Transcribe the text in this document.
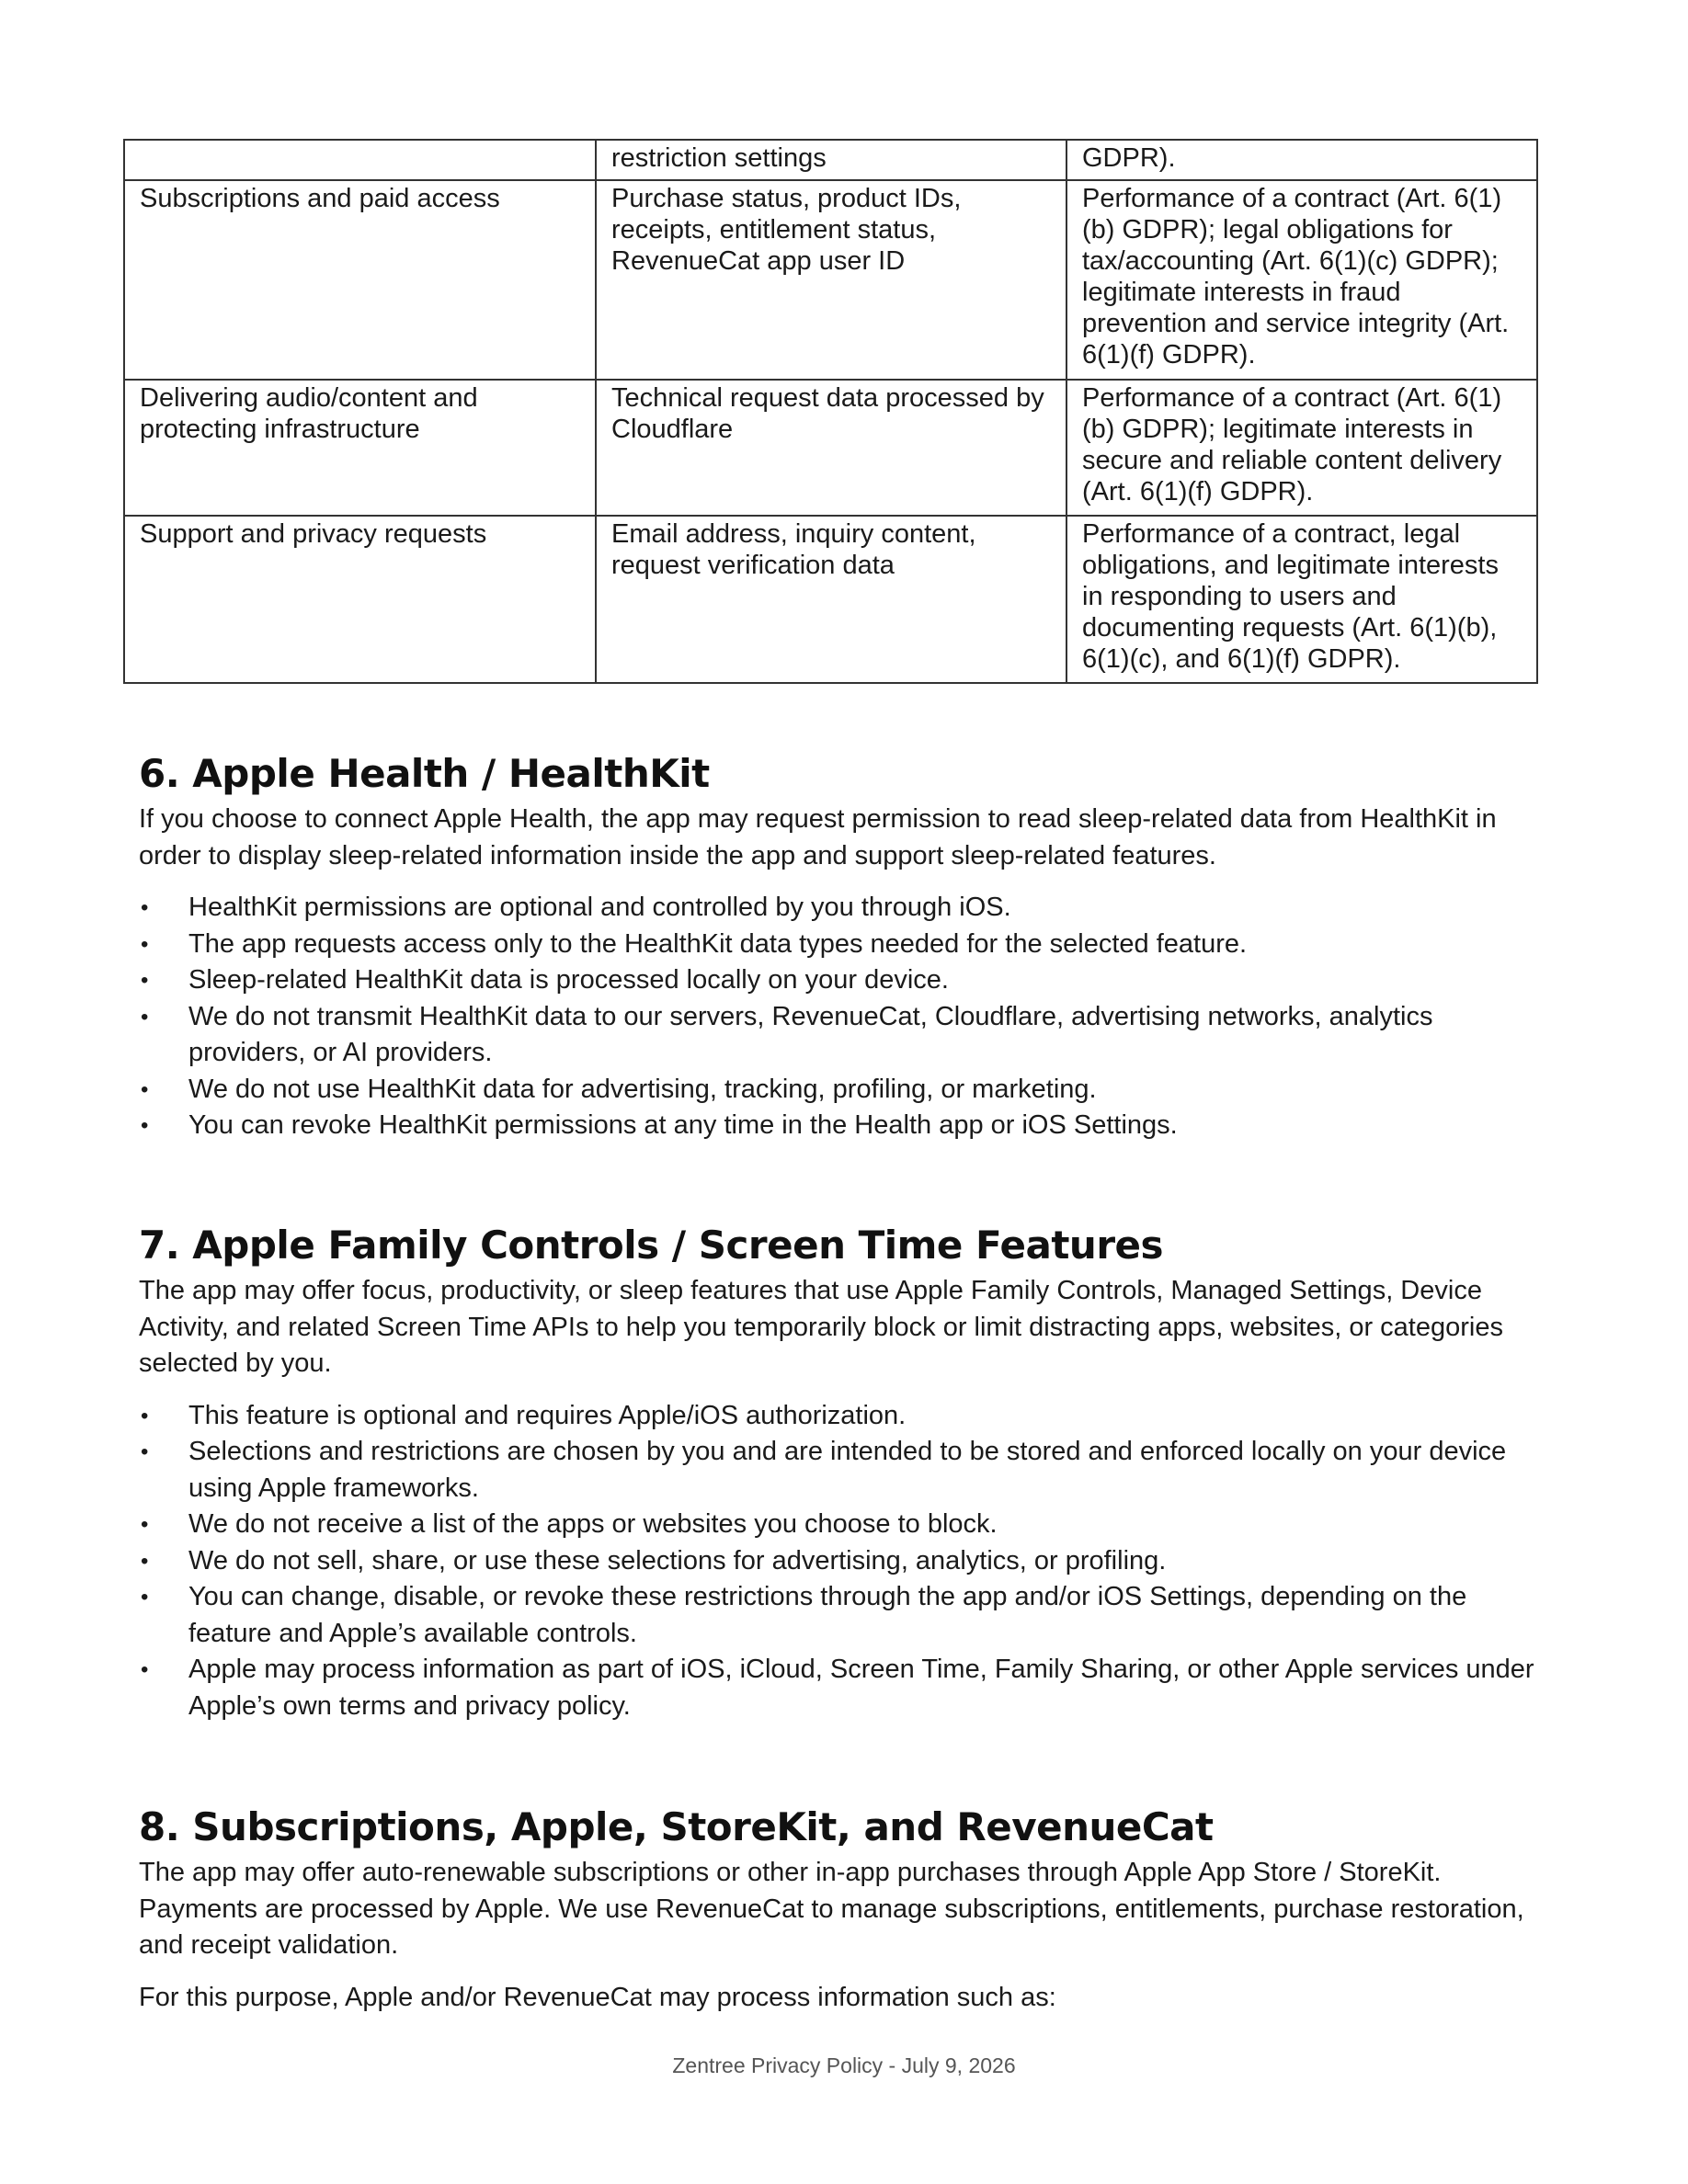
	restriction settings	GDPR).
Subscriptions and paid access	Purchase status, product IDs, receipts, entitlement status, RevenueCat app user ID	Performance of a contract (Art. 6(1)(b) GDPR); legal obligations for tax/accounting (Art. 6(1)(c) GDPR); legitimate interests in fraud prevention and service integrity (Art. 6(1)(f) GDPR).
Delivering audio/content and protecting infrastructure	Technical request data processed by Cloudflare	Performance of a contract (Art. 6(1)(b) GDPR); legitimate interests in secure and reliable content delivery (Art. 6(1)(f) GDPR).
Support and privacy requests	Email address, inquiry content, request verification data	Performance of a contract, legal obligations, and legitimate interests in responding to users and documenting requests (Art. 6(1)(b), 6(1)(c), and 6(1)(f) GDPR).
6. Apple Health / HealthKit

If you choose to connect Apple Health, the app may request permission to read sleep-related data from HealthKit in order to display sleep-related information inside the app and support sleep-related features.

• HealthKit permissions are optional and controlled by you through iOS.
• The app requests access only to the HealthKit data types needed for the selected feature.
• Sleep-related HealthKit data is processed locally on your device.
• We do not transmit HealthKit data to our servers, RevenueCat, Cloudflare, advertising networks, analytics providers, or AI providers.
• We do not use HealthKit data for advertising, tracking, profiling, or marketing.
• You can revoke HealthKit permissions at any time in the Health app or iOS Settings.
7. Apple Family Controls / Screen Time Features

The app may offer focus, productivity, or sleep features that use Apple Family Controls, Managed Settings, Device Activity, and related Screen Time APIs to help you temporarily block or limit distracting apps, websites, or categories selected by you.

• This feature is optional and requires Apple/iOS authorization.
• Selections and restrictions are chosen by you and are intended to be stored and enforced locally on your device using Apple frameworks.
• We do not receive a list of the apps or websites you choose to block.
• We do not sell, share, or use these selections for advertising, analytics, or profiling.
• You can change, disable, or revoke these restrictions through the app and/or iOS Settings, depending on the feature and Apple’s available controls.
• Apple may process information as part of iOS, iCloud, Screen Time, Family Sharing, or other Apple services under Apple’s own terms and privacy policy.
8. Subscriptions, Apple, StoreKit, and RevenueCat

The app may offer auto-renewable subscriptions or other in-app purchases through Apple App Store / StoreKit. Payments are processed by Apple. We use RevenueCat to manage subscriptions, entitlements, purchase restoration, and receipt validation.

For this purpose, Apple and/or RevenueCat may process information such as:

Zentree Privacy Policy - July 9, 2026
